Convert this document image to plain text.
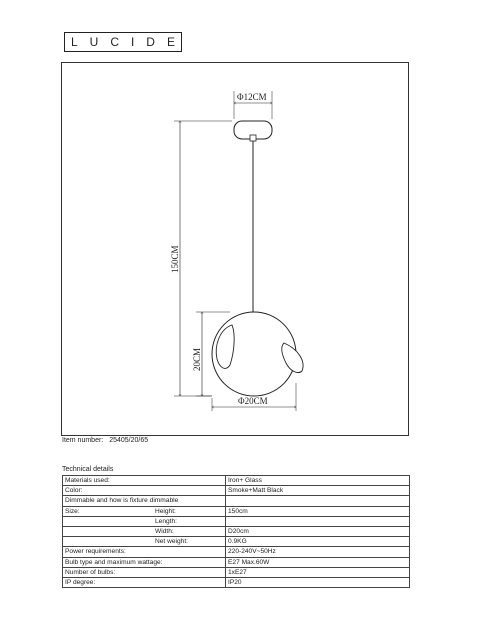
L U C I D E
Φ12CM
150CM
20CM
Φ20CM
Item number: 25405/20/65
Technical details
Materials used:		Iron+ Glass
Color:		Smoke+Matt Black
Dimmable and how is fixture dimmable		
Size:	Height:	150cm
	Length:	
	Width:	D20cm
	Net weight:	0.9KG
Power requirements:		220-240V~50Hz
Bulb type and maximum wattage:		E27 Max.60W
Number of bulbs:		1xE27
IP degree:		IP20
